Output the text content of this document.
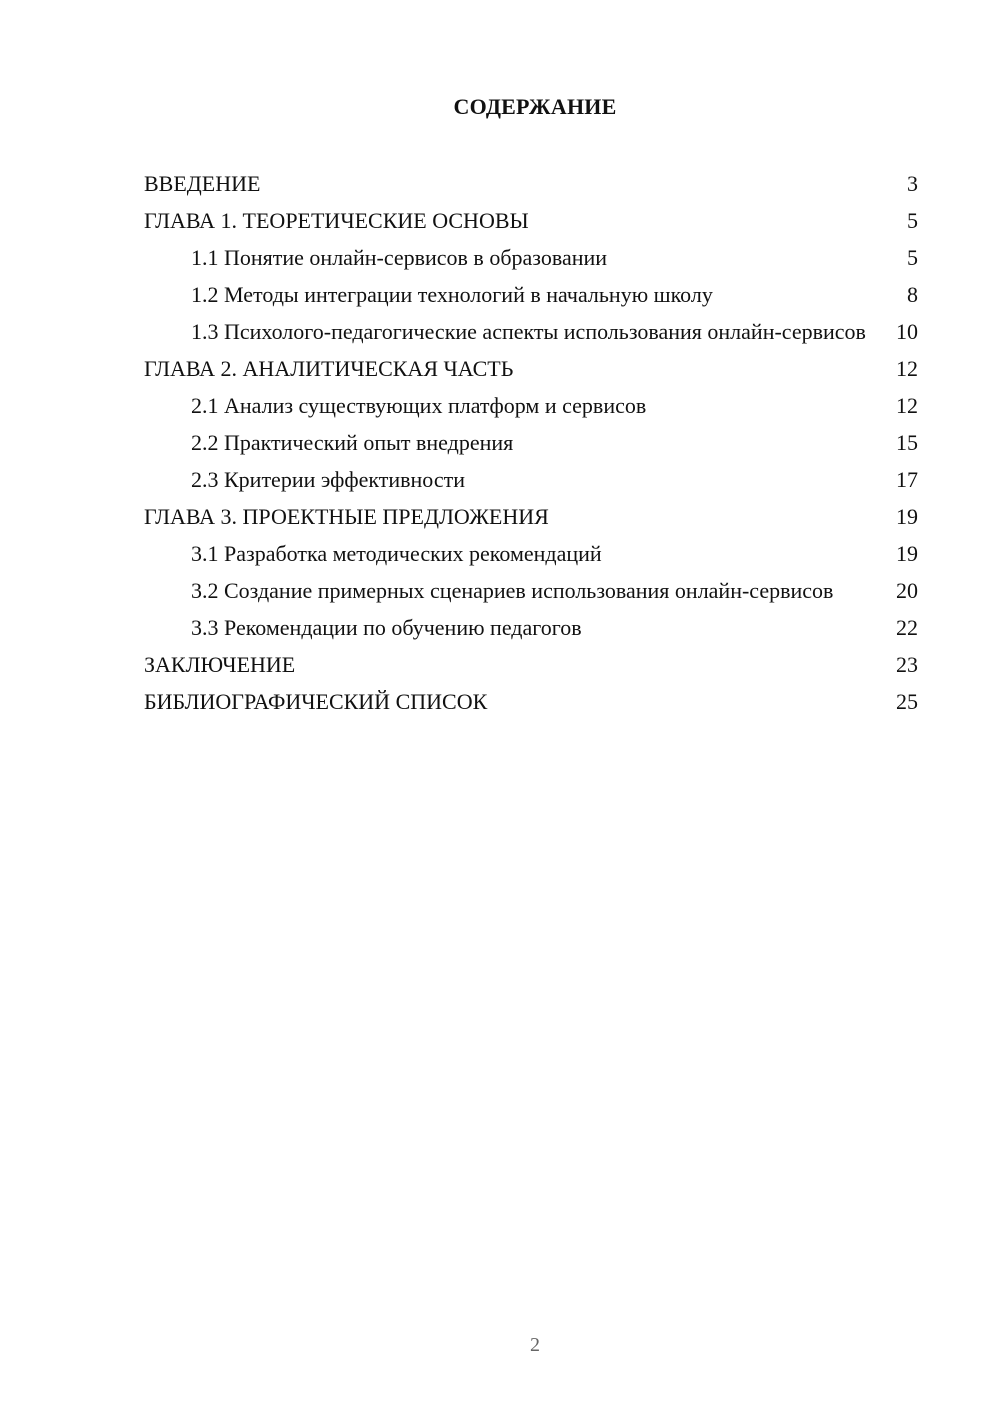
СОДЕРЖАНИЕ
ВВЕДЕНИЕ	3
ГЛАВА 1. ТЕОРЕТИЧЕСКИЕ ОСНОВЫ	5
1.1 Понятие онлайн-сервисов в образовании	5
1.2 Методы интеграции технологий в начальную школу	8
1.3 Психолого-педагогические аспекты использования онлайн-сервисов	10
ГЛАВА 2. АНАЛИТИЧЕСКАЯ ЧАСТЬ	12
2.1 Анализ существующих платформ и сервисов	12
2.2 Практический опыт внедрения	15
2.3 Критерии эффективности	17
ГЛАВА 3. ПРОЕКТНЫЕ ПРЕДЛОЖЕНИЯ	19
3.1 Разработка методических рекомендаций	19
3.2 Создание примерных сценариев использования онлайн-сервисов	20
3.3 Рекомендации по обучению педагогов	22
ЗАКЛЮЧЕНИЕ	23
БИБЛИОГРАФИЧЕСКИЙ СПИСОК	25
2
